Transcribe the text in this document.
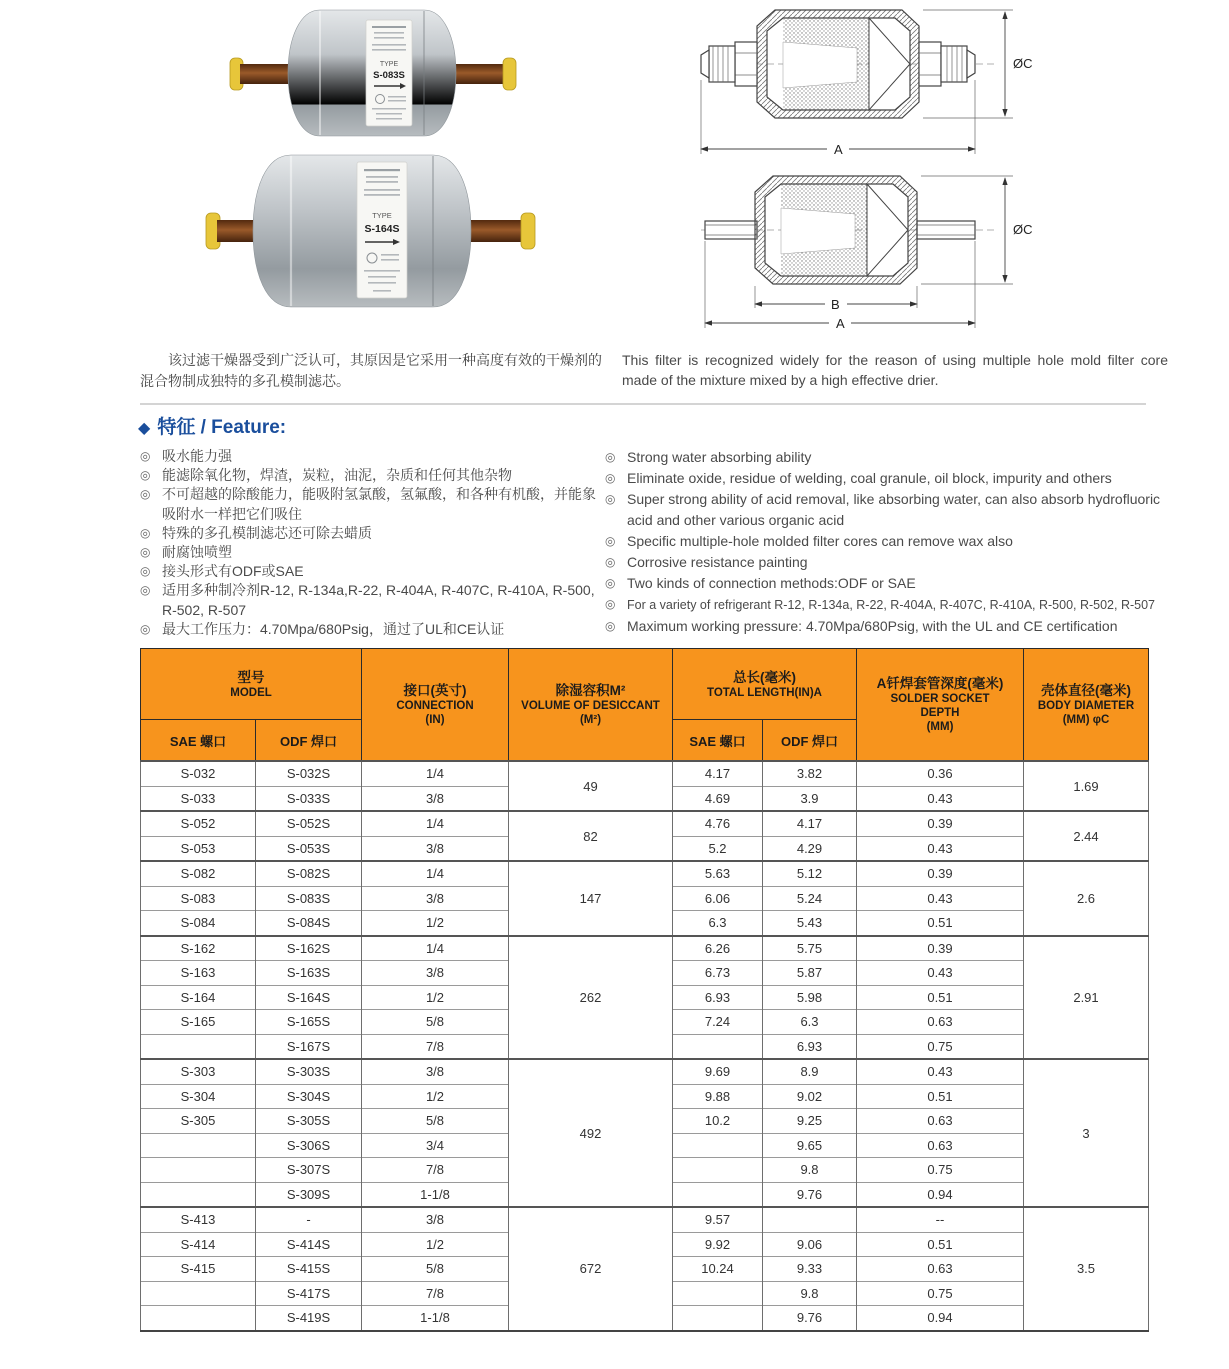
TYPE
S-083S
TYPE
S-164S
ØC
A
ØC
B
A

该过滤干燥器受到广泛认可，其原因是它采用一种高度有效的干燥剂的混合物制成独特的多孔模制滤芯。

This filter is recognized widely for the reason of using multiple hole mold filter core made of the mixture mixed by a high effective drier.

◆ 特征 / Feature:
◎ 吸水能力强
◎ 能滤除氧化物，焊渣，炭粒，油泥，杂质和任何其他杂物
◎ 不可超越的除酸能力，能吸附氢氯酸，氢氟酸，和各种有机酸，并能象吸附水一样把它们吸住
◎ 特殊的多孔模制滤芯还可除去蜡质
◎ 耐腐蚀喷塑
◎ 接头形式有ODF或SAE
◎ 适用多种制冷剂R-12, R-134a,R-22, R-404A, R-407C, R-410A, R-500, R-502, R-507
◎ 最大工作压力：4.70Mpa/680Psig，通过了UL和CE认证
◎ Strong water absorbing ability
◎ Eliminate oxide, residue of welding, coal granule, oil block, impurity and others
◎ Super strong ability of acid removal, like absorbing water, can also absorb hydrofluoric acid and other various organic acid
◎ Specific multiple-hole molded filter cores can remove wax also
◎ Corrosive resistance painting
◎ Two kinds of connection methods:ODF or SAE
◎ For a variety of refrigerant R-12, R-134a, R-22, R-404A, R-407C, R-410A, R-500, R-502, R-507
◎ Maximum working pressure: 4.70Mpa/680Psig, with the UL and CE certification
型号
MODEL	接口(英寸)
CONNECTION
(IN)

除湿容积M²
VOLUME OF DESICCANT
(M²)

总长(毫米)
TOTAL LENGTH(IN)A

A钎焊套管深度(毫米)
SOLDER SOCKET
DEPTH
(MM)

壳体直径(毫米)
BODY DIAMETER
(MM) φC

SAE 螺口	ODF 焊口			SAE 螺口	ODF 焊口		
S-032	S-032S	1/4	49	4.17	3.82	0.36	1.69
S-033	S-033S	3/8		4.69	3.9	0.43	
S-052	S-052S	1/4	82	4.76	4.17	0.39	2.44
S-053	S-053S	3/8		5.2	4.29	0.43	
S-082	S-082S	1/4	147	5.63	5.12	0.39	2.6
S-083	S-083S	3/8		6.06	5.24	0.43	
S-084	S-084S	1/2		6.3	5.43	0.51	
S-162	S-162S	1/4	262	6.26	5.75	0.39	2.91
S-163	S-163S	3/8		6.73	5.87	0.43	
S-164	S-164S	1/2		6.93	5.98	0.51	
S-165	S-165S	5/8		7.24	6.3	0.63	
	S-167S	7/8			6.93	0.75	
S-303	S-303S	3/8	492	9.69	8.9	0.43	3
S-304	S-304S	1/2		9.88	9.02	0.51	
S-305	S-305S	5/8		10.2	9.25	0.63	
	S-306S	3/4			9.65	0.63	
	S-307S	7/8			9.8	0.75	
	S-309S	1-1/8			9.76	0.94	
S-413	-	3/8	672	9.57		--	3.5
S-414	S-414S	1/2		9.92	9.06	0.51	
S-415	S-415S	5/8		10.24	9.33	0.63	
	S-417S	7/8			9.8	0.75	
	S-419S	1-1/8			9.76	0.94	
